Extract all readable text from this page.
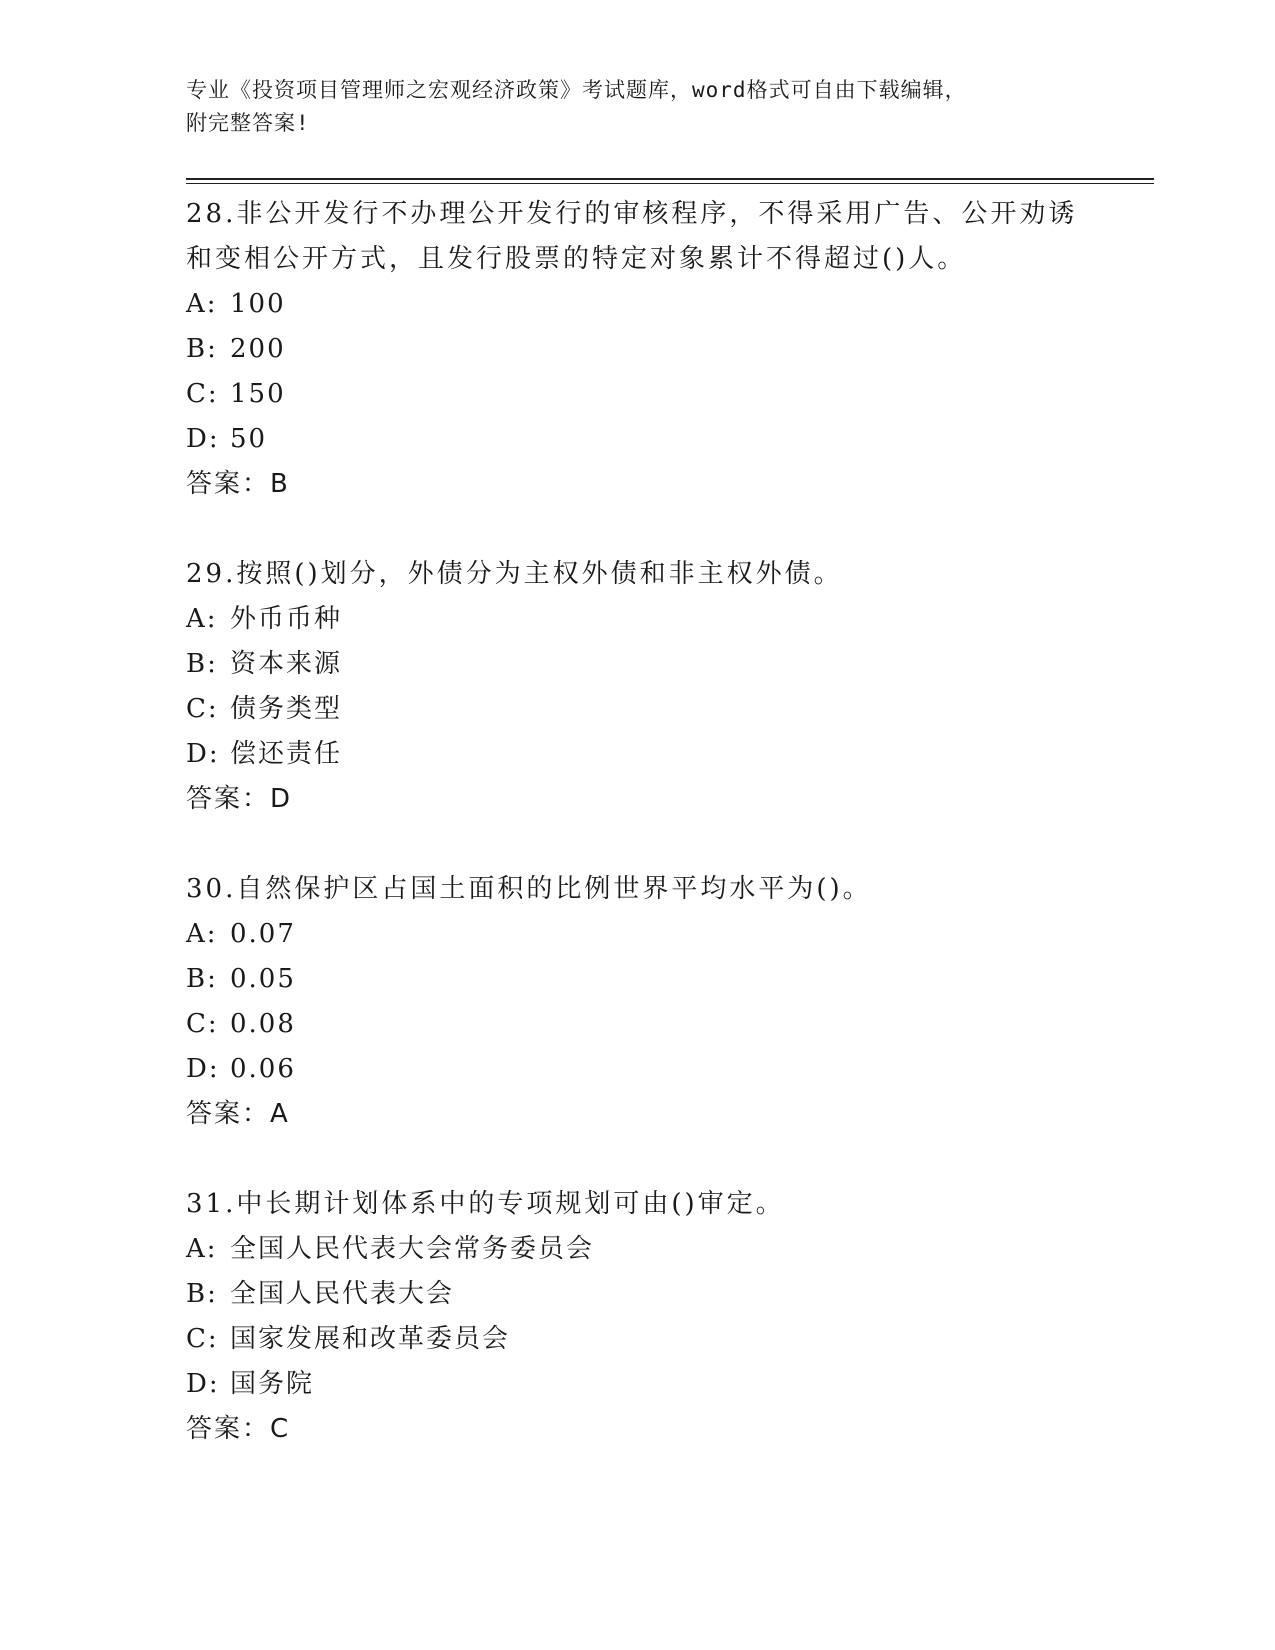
专业《投资项目管理师之宏观经济政策》考试题库，word格式可自由下载编辑，
附完整答案!

28.非公开发行不办理公开发行的审核程序，不得采用广告、公开劝诱

和变相公开方式，且发行股票的特定对象累计不得超过()人。

A: 100

B: 200

C: 150

D: 50

答案：B

29.按照()划分，外债分为主权外债和非主权外债。

A: 外币币种

B: 资本来源

C: 债务类型

D: 偿还责任

答案：D

30.自然保护区占国土面积的比例世界平均水平为()。

A: 0.07

B: 0.05

C: 0.08

D: 0.06

答案：A

31.中长期计划体系中的专项规划可由()审定。

A: 全国人民代表大会常务委员会

B: 全国人民代表大会

C: 国家发展和改革委员会

D: 国务院

答案：C
